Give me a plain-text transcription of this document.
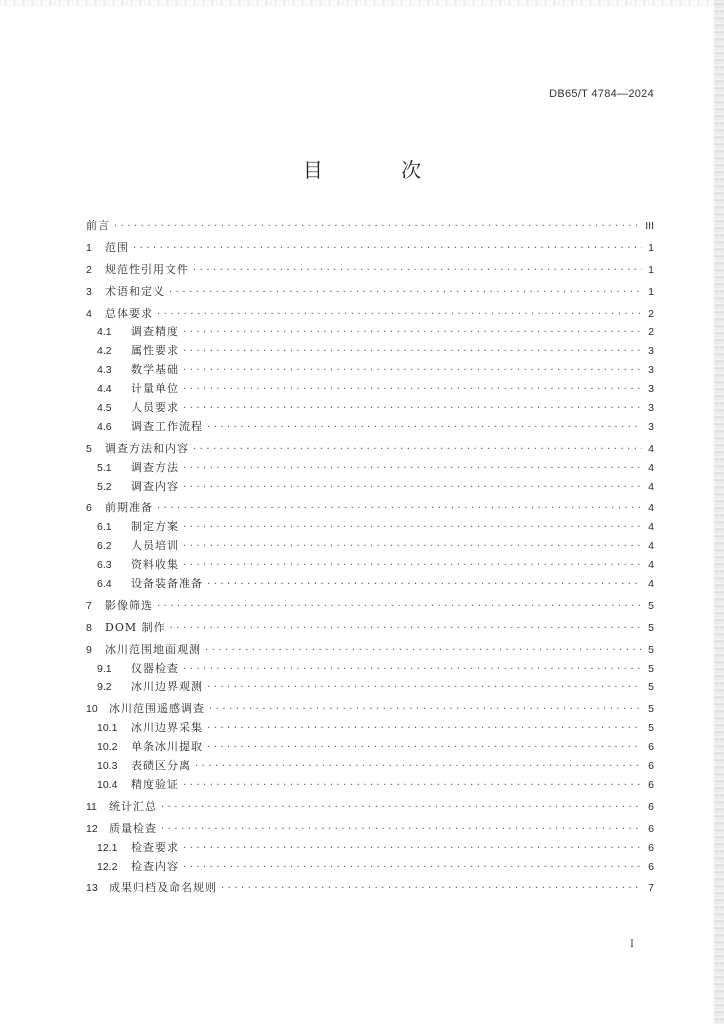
DB65/T 4784—2024
目 次
前言 ·····	III
1	范围 ·····	1
2	规范性引用文件 ·····	1
3	术语和定义 ·····	1
4	总体要求 ·····	2
4.1	调查精度 ·····	2
4.2	属性要求 ·····	3
4.3	数学基础 ·····	3
4.4	计量单位 ·····	3
4.5	人员要求 ·····	3
4.6	调查工作流程 ·····	3
5	调查方法和内容 ·····	4
5.1	调查方法 ·····	4
5.2	调查内容 ·····	4
6	前期准备 ·····	4
6.1	制定方案 ·····	4
6.2	人员培训 ·····	4
6.3	资料收集 ·····	4
6.4	设备装备准备 ·····	4
7	影像筛选 ·····	5
8	DOM 制作 ·····	5
9	冰川范围地面观测 ·····	5
9.1	仪器检查 ·····	5
9.2	冰川边界观测 ·····	5
10	冰川范围遥感调查 ·····	5
10.1	冰川边界采集 ·····	5
10.2	单条冰川提取 ·····	6
10.3	表碛区分离 ·····	6
10.4	精度验证 ·····	6
11	统计汇总 ·····	6
12	质量检查 ·····	6
12.1	检查要求 ·····	6
12.2	检查内容 ·····	6
13	成果归档及命名规则 ·····	7
I
